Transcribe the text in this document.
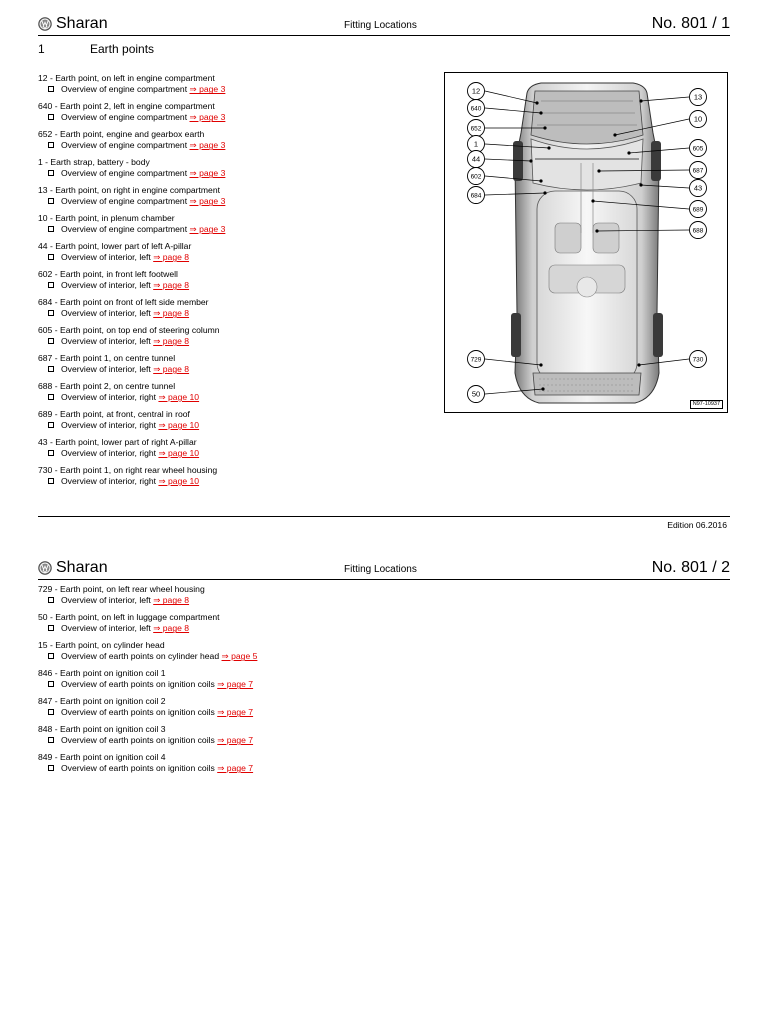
Sharan	Fitting Locations	No. 801 / 1
1	Earth points
12 - Earth point, on left in engine compartment
Overview of engine compartment ⇒ page 3
640 - Earth point 2, left in engine compartment
Overview of engine compartment ⇒ page 3
652 - Earth point, engine and gearbox earth
Overview of engine compartment ⇒ page 3
1 - Earth strap, battery - body
Overview of engine compartment ⇒ page 3
13 - Earth point, on right in engine compartment
Overview of engine compartment ⇒ page 3
10 - Earth point, in plenum chamber
Overview of engine compartment ⇒ page 3
44 - Earth point, lower part of left A-pillar
Overview of interior, left ⇒ page 8
602 - Earth point, in front left footwell
Overview of interior, left ⇒ page 8
684 - Earth point on front of left side member
Overview of interior, left ⇒ page 8
605 - Earth point, on top end of steering column
Overview of interior, left ⇒ page 8
687 - Earth point 1, on centre tunnel
Overview of interior, left ⇒ page 8
688 - Earth point 2, on centre tunnel
Overview of interior, right ⇒ page 10
689 - Earth point, at front, central in roof
Overview of interior, right ⇒ page 10
43 - Earth point, lower part of right A-pillar
Overview of interior, right ⇒ page 10
730 - Earth point 1, on right rear wheel housing
Overview of interior, right ⇒ page 10
12
640
652
1
44
602
684
729
50
13
10
605
687
43
689
688
730
N97-10937
Edition 06.2016
Sharan	Fitting Locations	No. 801 / 2
729 - Earth point, on left rear wheel housing
Overview of interior, left ⇒ page 8
50 - Earth point, on left in luggage compartment
Overview of interior, left ⇒ page 8
15 - Earth point, on cylinder head
Overview of earth points on cylinder head ⇒ page 5
846 - Earth point on ignition coil 1
Overview of earth points on ignition coils ⇒ page 7
847 - Earth point on ignition coil 2
Overview of earth points on ignition coils ⇒ page 7
848 - Earth point on ignition coil 3
Overview of earth points on ignition coils ⇒ page 7
849 - Earth point on ignition coil 4
Overview of earth points on ignition coils ⇒ page 7
